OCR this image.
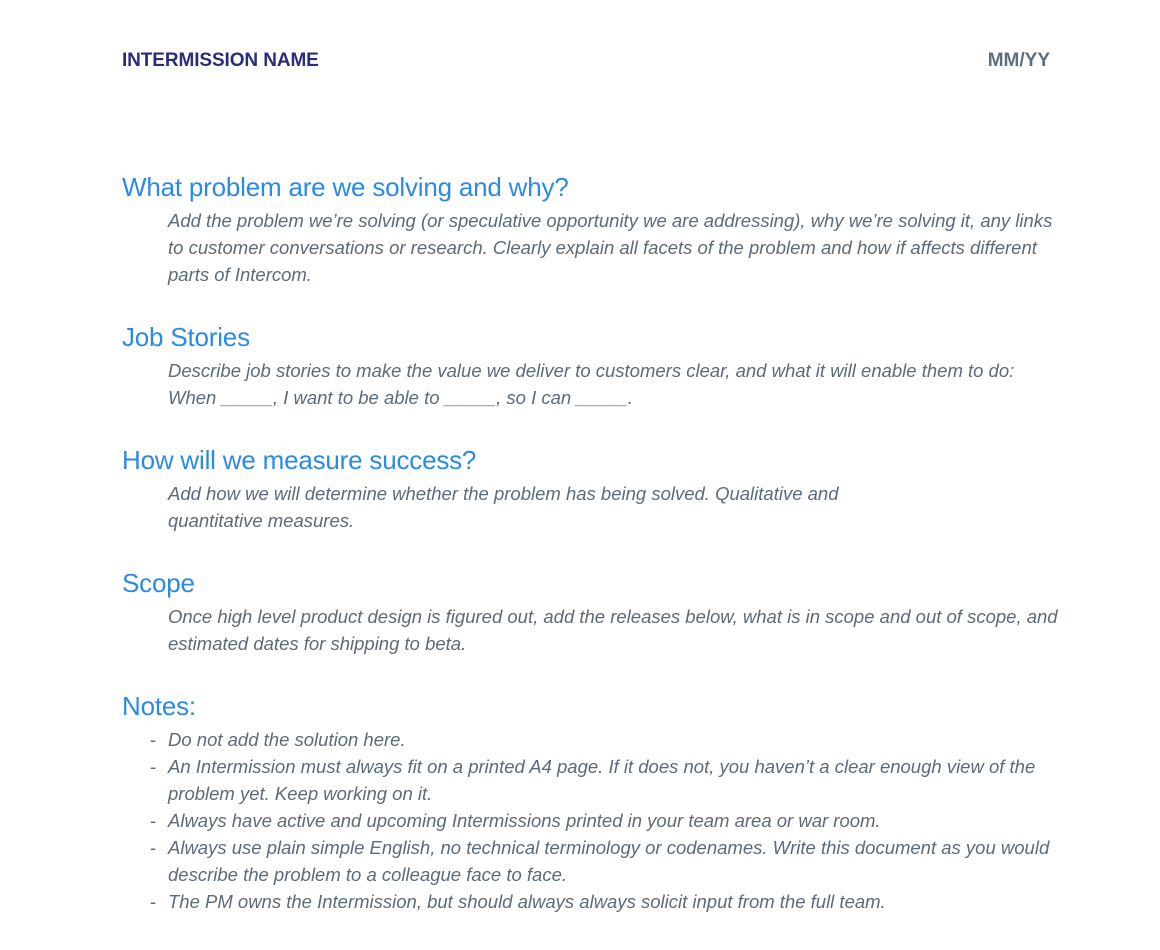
INTERMISSION NAME	MM/YY
What problem are we solving and why?

Add the problem we’re solving (or speculative opportunity we are addressing), why we’re solving it, any links to customer conversations or research. Clearly explain all facets of the problem and how if affects different parts of Intercom.

Job Stories

Describe job stories to make the value we deliver to customers clear, and what it will enable them to do: When _____, I want to be able to _____, so I can _____.

How will we measure success?

Add how we will determine whether the problem has being solved. Qualitative and quantitative measures.

Scope

Once high level product design is figured out, add the releases below, what is in scope and out of scope, and estimated dates for shipping to beta.

Notes:
- Do not add the solution here.
- An Intermission must always fit on a printed A4 page. If it does not, you haven’t a clear enough view of the problem yet. Keep working on it.
- Always have active and upcoming Intermissions printed in your team area or war room.
- Always use plain simple English, no technical terminology or codenames. Write this document as you would describe the problem to a colleague face to face.
- The PM owns the Intermission, but should always always solicit input from the full team.
